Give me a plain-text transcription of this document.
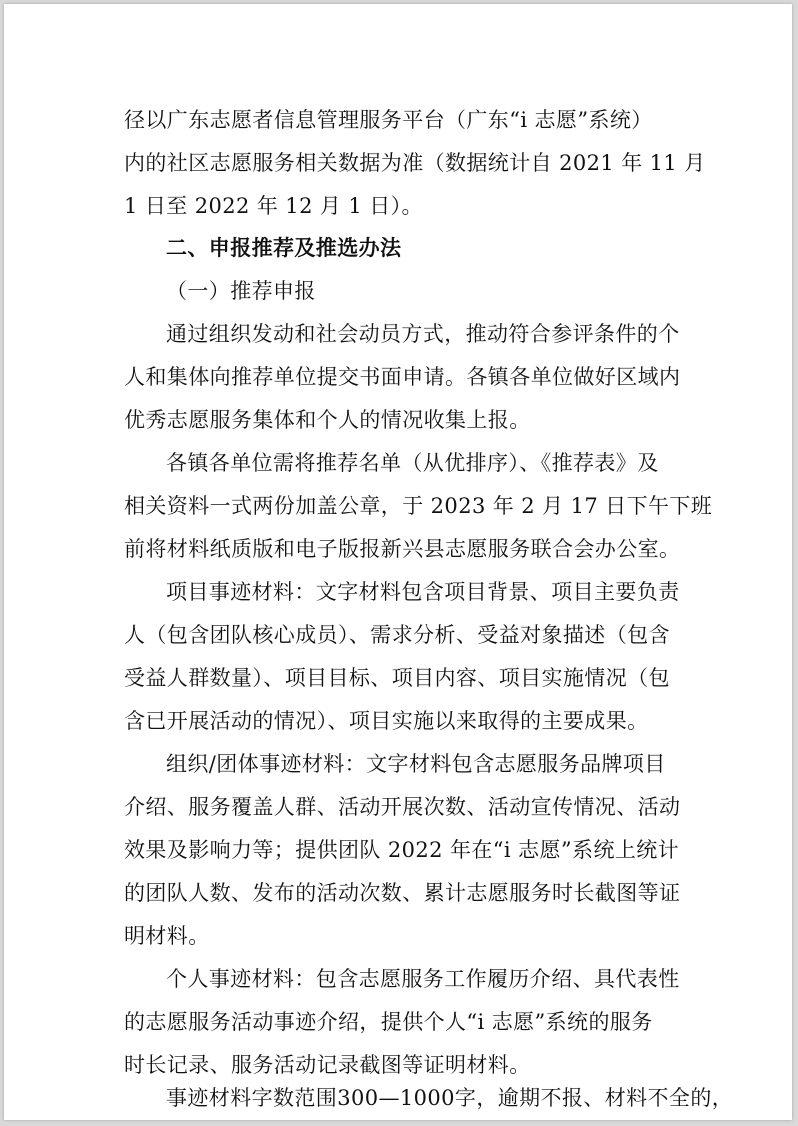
径以广东志愿者信息管理服务平台（广东“i 志愿”系统）
内的社区志愿服务相关数据为准（数据统计自 2021 年 11 月
1 日至 2022 年 12 月 1 日）。
二、申报推荐及推选办法
（一）推荐申报
通过组织发动和社会动员方式，推动符合参评条件的个
人和集体向推荐单位提交书面申请。各镇各单位做好区域内
优秀志愿服务集体和个人的情况收集上报。
各镇各单位需将推荐名单（从优排序）、《推荐表》及
相关资料一式两份加盖公章，于 2023 年 2 月 17 日下午下班
前将材料纸质版和电子版报新兴县志愿服务联合会办公室。
项目事迹材料：文字材料包含项目背景、项目主要负责
人（包含团队核心成员）、需求分析、受益对象描述（包含
受益人群数量）、项目目标、项目内容、项目实施情况（包
含已开展活动的情况）、项目实施以来取得的主要成果。
组织/团体事迹材料：文字材料包含志愿服务品牌项目
介绍、服务覆盖人群、活动开展次数、活动宣传情况、活动
效果及影响力等；提供团队 2022 年在“i 志愿”系统上统计
的团队人数、发布的活动次数、累计志愿服务时长截图等证
明材料。
个人事迹材料：包含志愿服务工作履历介绍、具代表性
的志愿服务活动事迹介绍，提供个人“i 志愿”系统的服务
时长记录、服务活动记录截图等证明材料。
事迹材料字数范围300—1000字，逾期不报、材料不全的，
